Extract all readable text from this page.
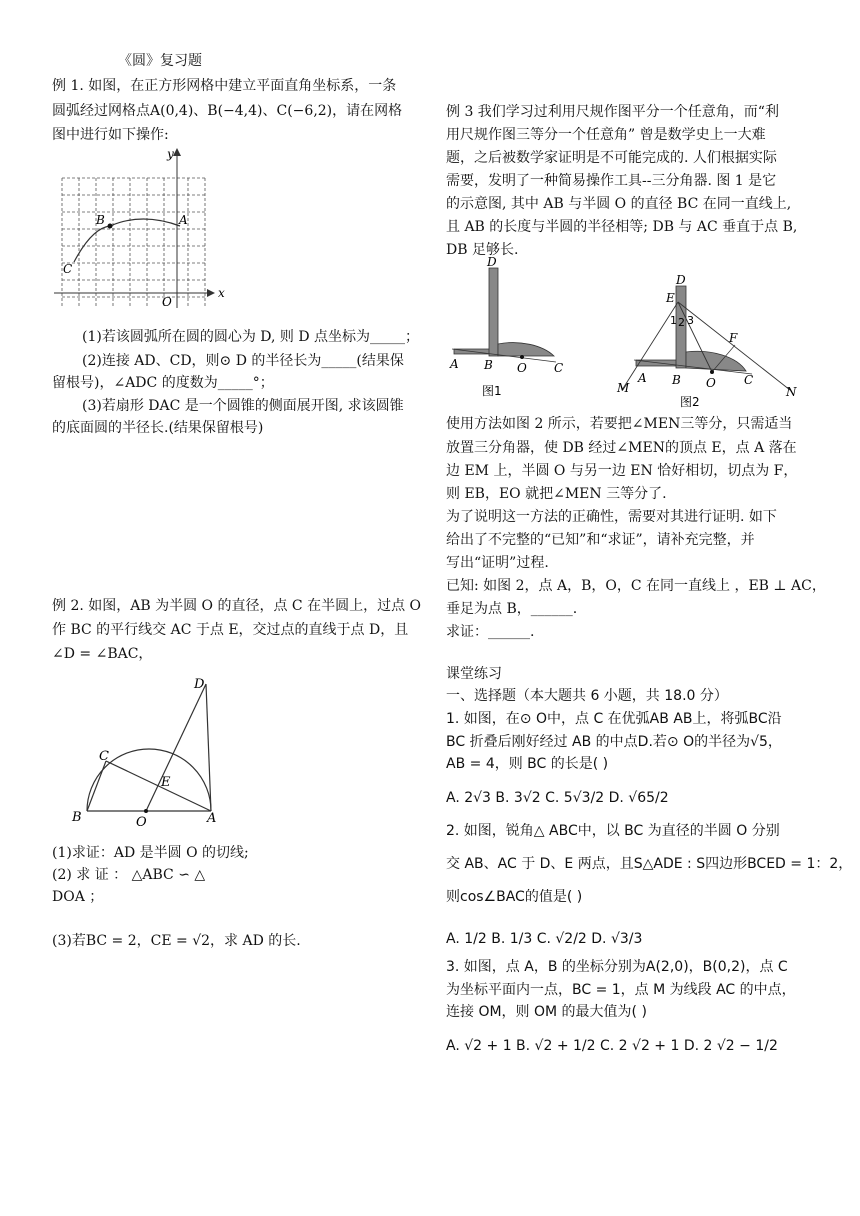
《圆》复习题

例 1. 如图，在正方形网格中建立平面直角坐标系，一条

圆弧经过网格点A(0,4)、B(−4,4)、C(−6,2)，请在网格

图中进行如下操作:

y
x
A
B
C
O

(1)若该圆弧所在圆的圆心为 D, 则 D 点坐标为_____；

(2)连接 AD、CD，则⊙ D 的半径长为_____(结果保

留根号)，∠ADC 的度数为_____°；

(3)若扇形 DAC 是一个圆锥的侧面展开图, 求该圆锥

的底面圆的半径长.(结果保留根号)

例 2. 如图，AB 为半圆 O 的直径，点 C 在半圆上，过点 O

作 BC 的平行线交 AC 于点 E，交过点的直线于点 D，且

∠D = ∠BAC，

D
C
E
B	O	A

(1)求证：AD 是半圆 O 的切线;

(2) 求 证 ： △ABC ∽ △

DOA ；

(3)若BC = 2，CE = √2，求 AD 的长.

例 3 我们学习过利用尺规作图平分一个任意角，而“利

用尺规作图三等分一个任意角” 曾是数学史上一大难

题，之后被数学家证明是不可能完成的. 人们根据实际

需要，发明了一种简易操作工具--三分角器. 图 1 是它

的示意图, 其中 AB 与半圆 O 的直径 BC 在同一直线上,

且 AB 的长度与半圆的半径相等; DB 与 AC 垂直于点 B,

DB 足够长.

D
A B O C
图1
D
E
1 2 3
F
M
A B O C
N
图2

使用方法如图 2 所示，若要把∠MEN三等分，只需适当

放置三分角器，使 DB 经过∠MEN的顶点 E，点 A 落在

边 EM 上，半圆 O 与另一边 EN 恰好相切，切点为 F，

则 EB，EO 就把∠MEN 三等分了.

为了说明这一方法的正确性，需要对其进行证明. 如下

给出了不完整的“已知”和“求证”，请补充完整，并

写出“证明”过程.

已知: 如图 2，点 A，B，O，C 在同一直线上 ，EB ⊥ AC，

垂足为点 B，______.

求证：______.

课堂练习

一、选择题（本大题共 6 小题，共 18.0 分）

1. 如图，在⊙ O中，点 C 在优弧AB AB上，将弧BC沿

BC 折叠后刚好经过 AB 的中点D.若⊙ O的半径为√5，

AB = 4，则 BC 的长是( )

A. 2√3 B. 3√2 C. 5√3/2 D. √65/2

2. 如图，锐角△ ABC中，以 BC 为直径的半圆 O 分别

交 AB、AC 于 D、E 两点，且S△ADE : S四边形BCED = 1：2，

则cos∠BAC的值是( )

A. 1/2 B. 1/3 C. √2/2 D. √3/3

3. 如图，点 A，B 的坐标分别为A(2,0)，B(0,2)，点 C

为坐标平面内一点，BC = 1，点 M 为线段 AC 的中点，

连接 OM，则 OM 的最大值为( )

A. √2 + 1 B. √2 + 1/2 C. 2 √2 + 1 D. 2 √2 − 1/2
